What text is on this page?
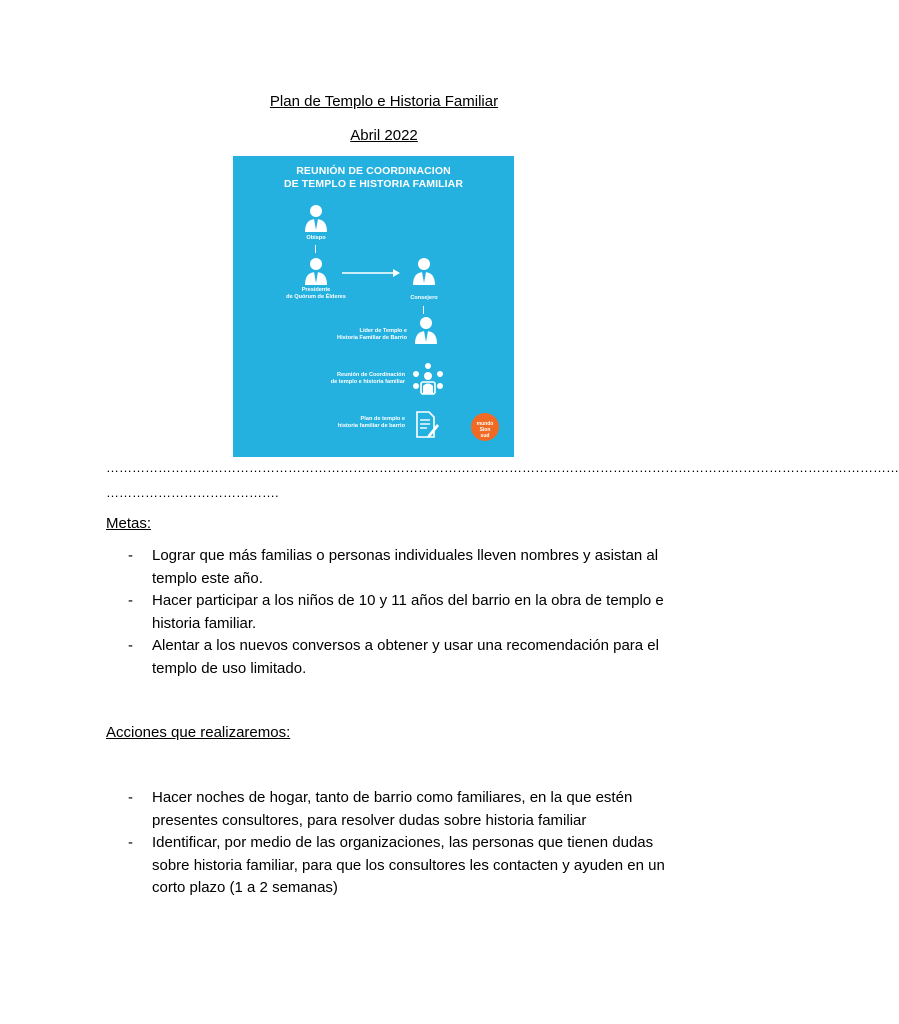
Plan de Templo e Historia Familiar
Abril 2022
REUNIÓN DE COORDINACION
DE TEMPLO E HISTORIA FAMILIAR
Obispo
Presidente
de Quórum de Élderes	Consejero
Líder de Templo e
Historia Familiar de Barrio
Reunión de Coordinación
de templo e historia familiar
Plan de templo e
historia familiar de barrio	mundo
Sion
sud
…………………………………………………………………………………………………………………………………………………………………
………………………………….
Metas:
- Lograr que más familias o personas individuales lleven nombres y asistan al templo este año.
- Hacer participar a los niños de 10 y 11 años del barrio en la obra de templo e historia familiar.
- Alentar a los nuevos conversos a obtener y usar una recomendación para el templo de uso limitado.
Acciones que realizaremos:
- Hacer noches de hogar, tanto de barrio como familiares, en la que estén presentes consultores, para resolver dudas sobre historia familiar
- Identificar, por medio de las organizaciones, las personas que tienen dudas sobre historia familiar, para que los consultores les contacten y ayuden en un corto plazo (1 a 2 semanas)
